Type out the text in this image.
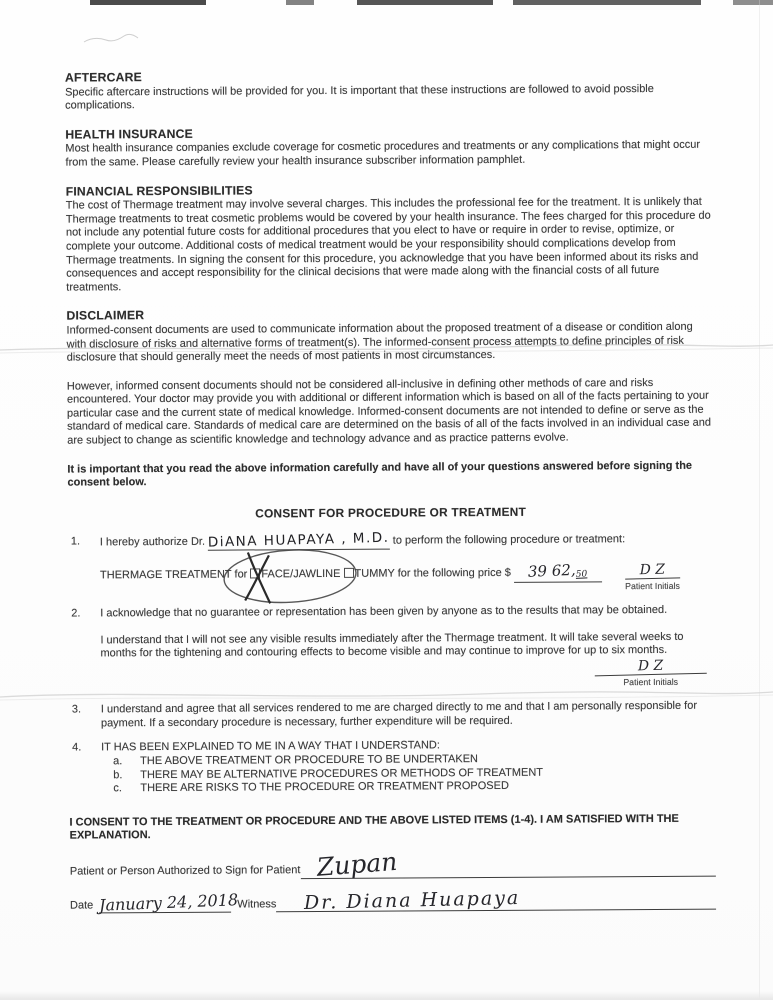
AFTERCARE

Specific aftercare instructions will be provided for you. It is important that these instructions are followed to avoid possible complications.

HEALTH INSURANCE

Most health insurance companies exclude coverage for cosmetic procedures and treatments or any complications that might occur from the same. Please carefully review your health insurance subscriber information pamphlet.

FINANCIAL RESPONSIBILITIES

The cost of Thermage treatment may involve several charges. This includes the professional fee for the treatment. It is unlikely that Thermage treatments to treat cosmetic problems would be covered by your health insurance. The fees charged for this procedure do not include any potential future costs for additional procedures that you elect to have or require in order to revise, optimize, or complete your outcome. Additional costs of medical treatment would be your responsibility should complications develop from Thermage treatments. In signing the consent for this procedure, you acknowledge that you have been informed about its risks and consequences and accept responsibility for the clinical decisions that were made along with the financial costs of all future treatments.

DISCLAIMER

Informed-consent documents are used to communicate information about the proposed treatment of a disease or condition along with disclosure of risks and alternative forms of treatment(s). The informed-consent process attempts to define principles of risk disclosure that should generally meet the needs of most patients in most circumstances.

However, informed consent documents should not be considered all-inclusive in defining other methods of care and risks encountered. Your doctor may provide you with additional or different information which is based on all of the facts pertaining to your particular case and the current state of medical knowledge. Informed-consent documents are not intended to define or serve as the standard of medical care. Standards of medical care are determined on the basis of all of the facts involved in an individual case and are subject to change as scientific knowledge and technology advance and as practice patterns evolve.

It is important that you read the above information carefully and have all of your questions answered before signing the consent below.

CONSENT FOR PROCEDURE OR TREATMENT
1.	I hereby authorize Dr. DiANA HUAPAYA , M.D. to perform the following procedure or treatment:
THERMAGE TREATMENT for FACE/JAWLINE TUMMY for the following price $ 39 62,50	D Z
Patient Initials
2.	I acknowledge that no guarantee or representation has been given by anyone as to the results that may be obtained.

I understand that I will not see any visible results immediately after the Thermage treatment. It will take several weeks to months for the tightening and contouring effects to become visible and may continue to improve for up to six months.

D Z
Patient Initials
3.	I understand and agree that all services rendered to me are charged directly to me and that I am personally responsible for payment. If a secondary procedure is necessary, further expenditure will be required.

4.	IT HAS BEEN EXPLAINED TO ME IN A WAY THAT I UNDERSTAND:

a.	THE ABOVE TREATMENT OR PROCEDURE TO BE UNDERTAKEN
b.	THERE MAY BE ALTERNATIVE PROCEDURES OR METHODS OF TREATMENT
c.	THERE ARE RISKS TO THE PROCEDURE OR TREATMENT PROPOSED

I CONSENT TO THE TREATMENT OR PROCEDURE AND THE ABOVE LISTED ITEMS (1-4). I AM SATISFIED WITH THE EXPLANATION.

Patient or Person Authorized to Sign for Patient Zupan
Date January 24, 2018
Witness	Dr. Diana Huapaya
